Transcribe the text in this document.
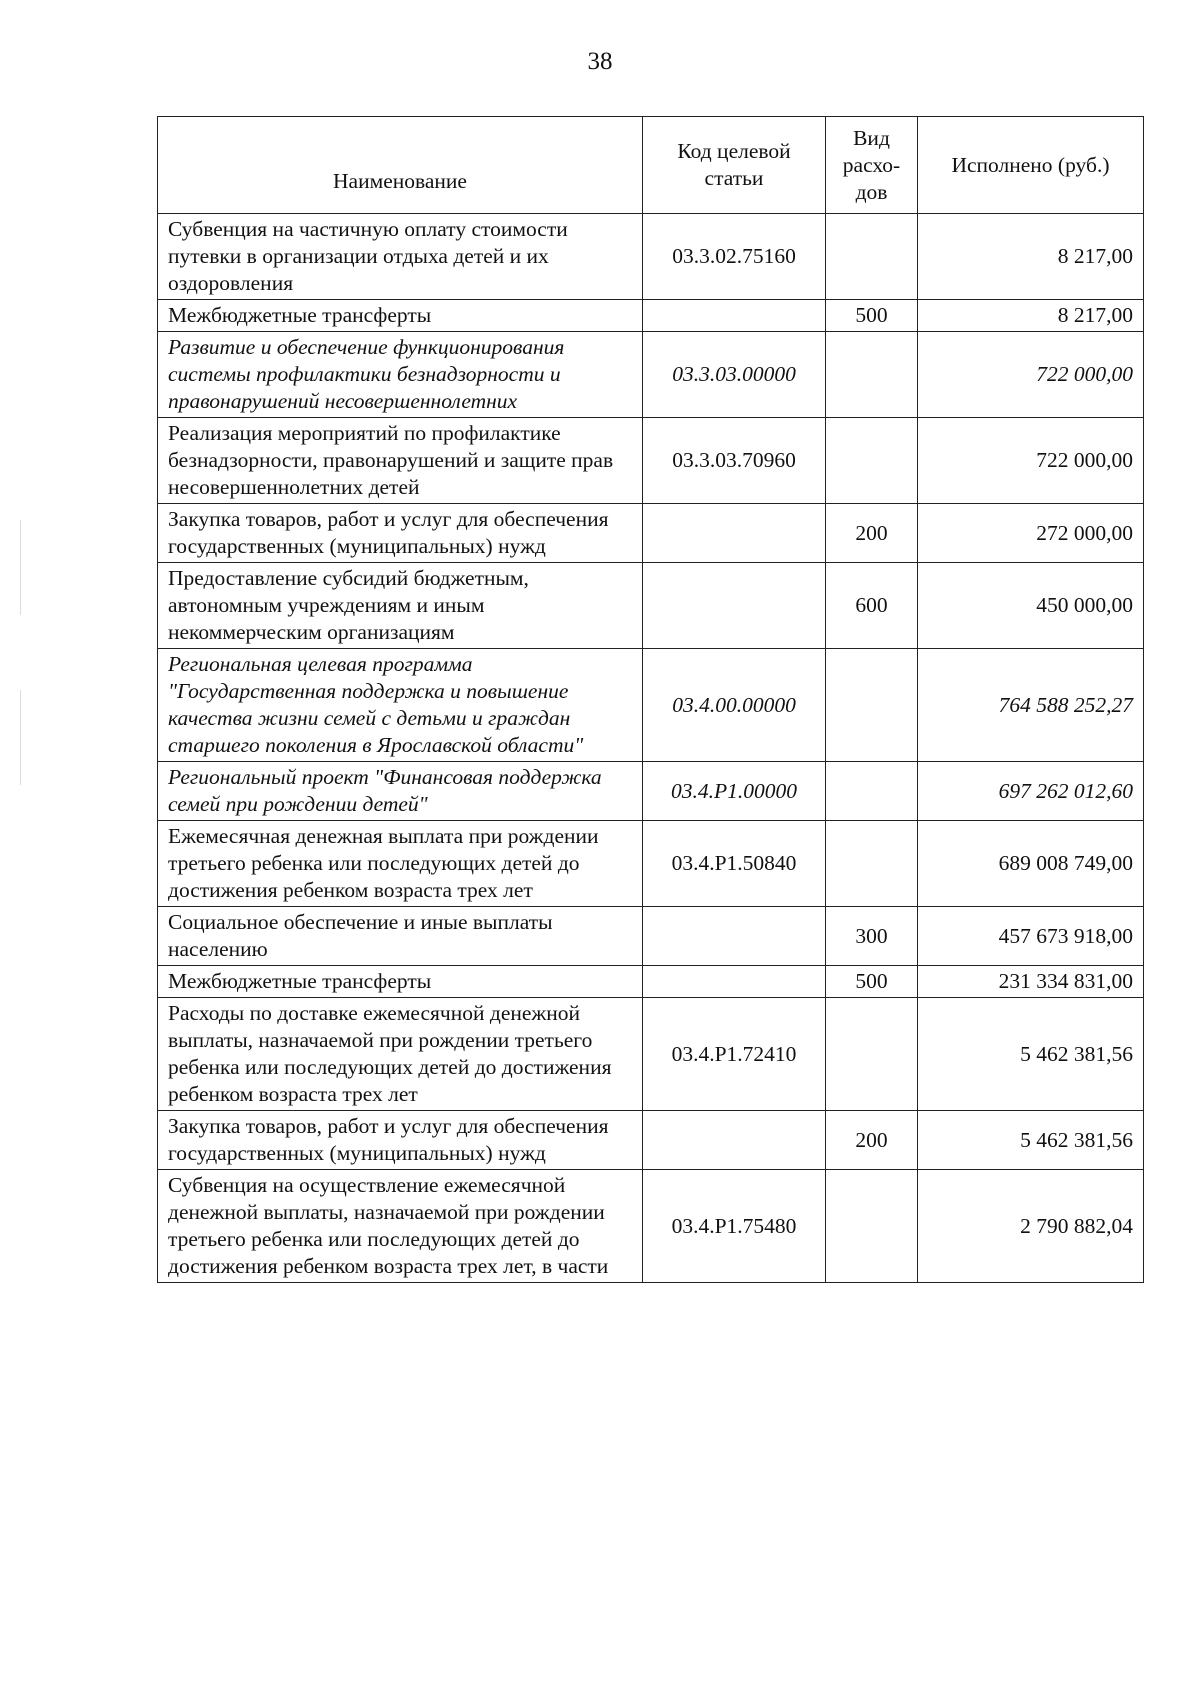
38
Наименование	Код целевой статьи	Вид расхо-дов	Исполнено (руб.)
Субвенция на частичную оплату стоимости путевки в организации отдыха детей и их оздоровления	03.3.02.75160		8 217,00
Межбюджетные трансферты		500	8 217,00
Развитие и обеспечение функционирования системы профилактики безнадзорности и правонарушений несовершеннолетних	03.3.03.00000		722 000,00
Реализация мероприятий по профилактике безнадзорности, правонарушений и защите прав несовершеннолетних детей	03.3.03.70960		722 000,00
Закупка товаров, работ и услуг для обеспечения государственных (муниципальных) нужд		200	272 000,00
Предоставление субсидий бюджетным, автономным учреждениям и иным некоммерческим организациям		600	450 000,00
Региональная целевая программа "Государственная поддержка и повышение качества жизни семей с детьми и граждан старшего поколения в Ярославской области"	03.4.00.00000		764 588 252,27
Региональный проект "Финансовая поддержка семей при рождении детей"	03.4.P1.00000		697 262 012,60
Ежемесячная денежная выплата при рождении третьего ребенка или последующих детей до достижения ребенком возраста трех лет	03.4.P1.50840		689 008 749,00
Социальное обеспечение и иные выплаты населению		300	457 673 918,00
Межбюджетные трансферты		500	231 334 831,00
Расходы по доставке ежемесячной денежной выплаты, назначаемой при рождении третьего ребенка или последующих детей до достижения ребенком возраста трех лет	03.4.P1.72410		5 462 381,56
Закупка товаров, работ и услуг для обеспечения государственных (муниципальных) нужд		200	5 462 381,56
Субвенция на осуществление ежемесячной денежной выплаты, назначаемой при рождении третьего ребенка или последующих детей до достижения ребенком возраста трех лет, в части	03.4.P1.75480		2 790 882,04
